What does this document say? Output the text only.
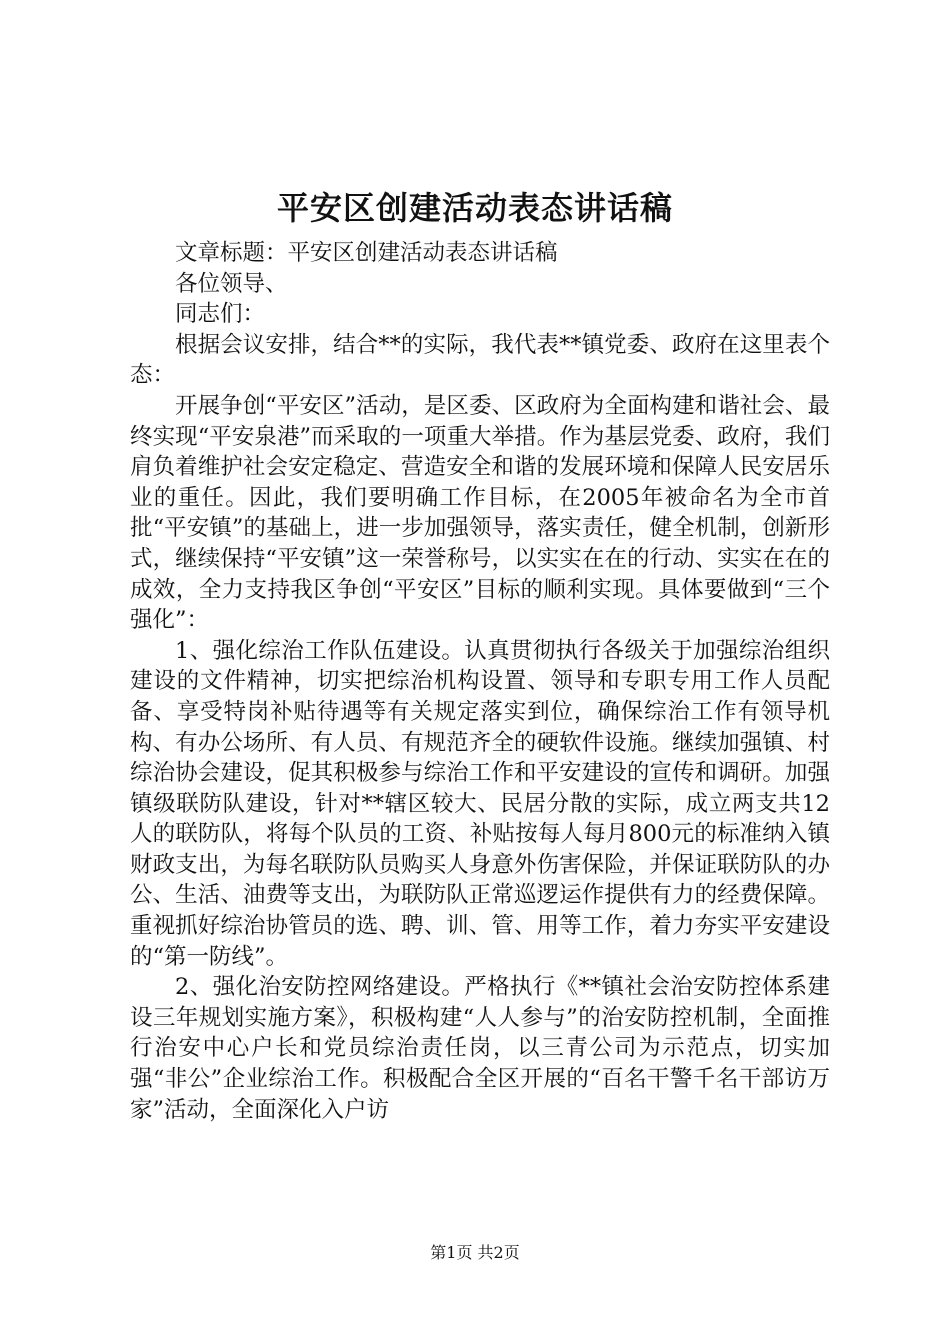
平安区创建活动表态讲话稿

文章标题：平安区创建活动表态讲话稿

各位领导、

同志们：

根据会议安排，结合**的实际，我代表**镇党委、政府在这里表个态：

开展争创“平安区”活动，是区委、区政府为全面构建和谐社会、最终实现“平安泉港”而采取的一项重大举措。作为基层党委、政府，我们肩负着维护社会安定稳定、营造安全和谐的发展环境和保障人民安居乐业的重任。因此，我们要明确工作目标，在2005年被命名为全市首批“平安镇”的基础上，进一步加强领导，落实责任，健全机制，创新形式，继续保持“平安镇”这一荣誉称号，以实实在在的行动、实实在在的成效，全力支持我区争创“平安区”目标的顺利实现。具体要做到“三个强化”：

1、强化综治工作队伍建设。认真贯彻执行各级关于加强综治组织建设的文件精神，切实把综治机构设置、领导和专职专用工作人员配备、享受特岗补贴待遇等有关规定落实到位，确保综治工作有领导机构、有办公场所、有人员、有规范齐全的硬软件设施。继续加强镇、村综治协会建设，促其积极参与综治工作和平安建设的宣传和调研。加强镇级联防队建设，针对**辖区较大、民居分散的实际，成立两支共12人的联防队，将每个队员的工资、补贴按每人每月800元的标准纳入镇财政支出，为每名联防队员购买人身意外伤害保险，并保证联防队的办公、生活、油费等支出，为联防队正常巡逻运作提供有力的经费保障。重视抓好综治协管员的选、聘、训、管、用等工作，着力夯实平安建设的“第一防线”。

2、强化治安防控网络建设。严格执行《**镇社会治安防控体系建设三年规划实施方案》，积极构建“人人参与”的治安防控机制，全面推行治安中心户长和党员综治责任岗，以三青公司为示范点，切实加强“非公”企业综治工作。积极配合全区开展的“百名干警千名干部访万家”活动，全面深化入户访

第1页 共2页
